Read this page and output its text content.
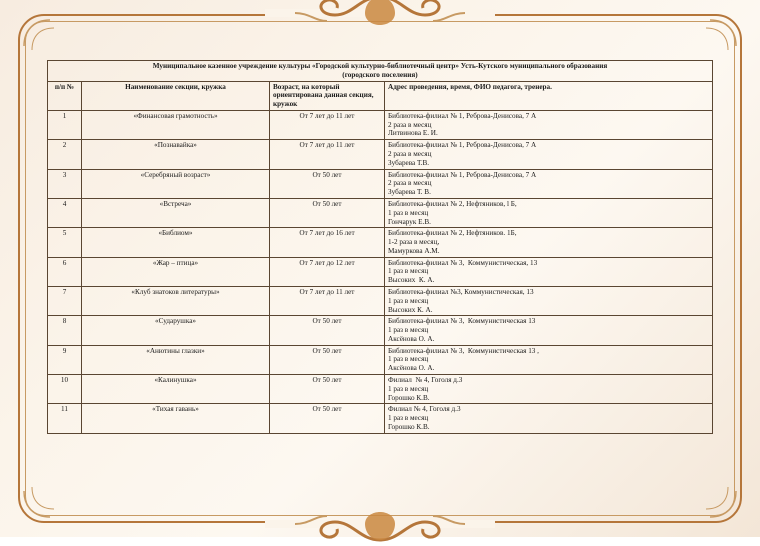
Муниципальное казенное учреждение культуры «Городской культурно-библиотечный центр» Усть-Кутского муниципального образования
(городского поселения)			

п/п №	Наименование секции, кружка	Возраст, на который ориентирована данная секция, кружок	Адрес проведения, время, ФИО педагога, тренера.
1	«Финансовая грамотность»	От 7 лет до 11 лет	Библиотека-филиал № 1, Реброва-Денисова, 7 А
2 раза в месяц
Литвинова Е. И.

2	«Познавайка»	От 7 лет до 11 лет	Библиотека-филиал № 1, Реброва-Денисова, 7 А
2 раза в месяц
Зубарева Т.В.

3	«Серебряный возраст»	От 50 лет	Библиотека-филиал № 1, Реброва-Денисова, 7 А
2 раза в месяц
Зубарева Т. В.

4	«Встреча»	От 50 лет	Библиотека-филиал № 2, Нефтяников, l Б,
1 раз в месяц
Гончарук Е.В.

5	«Библиом»	От 7 лет до 16 лет	Библиотека-филиал № 2, Нефтяников. 1Б,
1-2 раза в месяц,
Мамуркова А.М.

6	«Жар – птица»	От 7 лет до 12 лет	Библиотека-филиал № 3,  Коммунистическая, 13
1 раз в месяц
Высоких  К. А.

7	«Клуб знатоков литературы»	От 7 лет до 11 лет	Библиотека-филиал №3, Коммунистическая, 13
1 раз в месяц
Высоких К. А.

8	«Сударушка»	От 50 лет	Библиотека-филиал № 3,  Коммунистическая 13
1 раз в месяц
Аксёнова О. А.

9	«Анютины глазки»	От 50 лет	Библиотека-филиал № 3,  Коммунистическая 13 ,
1 раз в месяц
Аксёнова О. А.

10	«Калинушка»	От 50 лет	Филиал  № 4, Гоголя д.3
1 раз в месяц
Горошко К.В.

11	«Тихая гавань»	От 50 лет	Филиал № 4, Гоголя д.3
1 раз в месяц
Горошко К.В.
